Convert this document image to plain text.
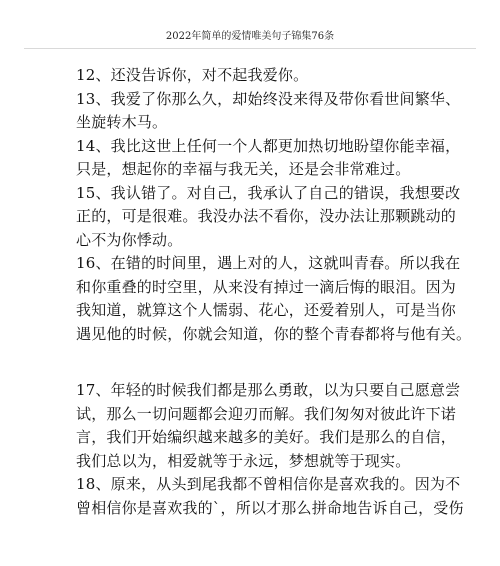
2022年简单的爱情唯美句子锦集76条
12、还没告诉你，对不起我爱你。
13、我爱了你那么久，却始终没来得及带你看世间繁华、
坐旋转木马。
14、我比这世上任何一个人都更加热切地盼望你能幸福，
只是，想起你的幸福与我无关，还是会非常难过。
15、我认错了。对自己，我承认了自己的错误，我想要改
正的，可是很难。我没办法不看你，没办法让那颗跳动的
心不为你悸动。
16、在错的时间里，遇上对的人，这就叫青春。所以我在
和你重叠的时空里，从来没有掉过一滴后悔的眼泪。因为
我知道，就算这个人懦弱、花心，还爱着别人，可是当你
遇见他的时候，你就会知道，你的整个青春都将与他有关。
17、年轻的时候我们都是那么勇敢，以为只要自己愿意尝
试，那么一切问题都会迎刃而解。我们匆匆对彼此许下诺
言，我们开始编织越来越多的美好。我们是那么的自信，
我们总以为，相爱就等于永远，梦想就等于现实。
18、原来，从头到尾我都不曾相信你是喜欢我的。因为不
曾相信你是喜欢我的`，所以才那么拼命地告诉自己，受伤
